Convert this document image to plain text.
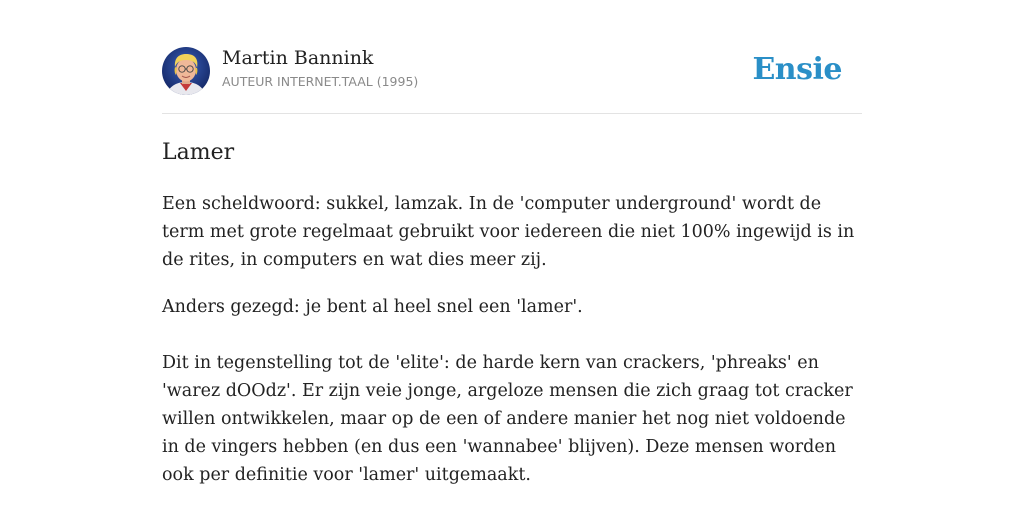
Martin Bannink
AUTEUR INTERNET.TAAL (1995)	Ensie
Lamer

Een scheldwoord: sukkel, lamzak. In de 'computer underground' wordt de term met grote regelmaat gebruikt voor iedereen die niet 100% ingewijd is in de rites, in computers en wat dies meer zij.

Anders gezegd: je bent al heel snel een 'lamer'.

Dit in tegenstelling tot de 'elite': de harde kern van crackers, 'phreaks' en 'warez dOOdz'. Er zijn veie jonge, argeloze mensen die zich graag tot cracker willen ontwikkelen, maar op de een of andere manier het nog niet voldoende in de vingers hebben (en dus een 'wannabee' blijven). Deze mensen worden ook per definitie voor 'lamer' uitgemaakt.
